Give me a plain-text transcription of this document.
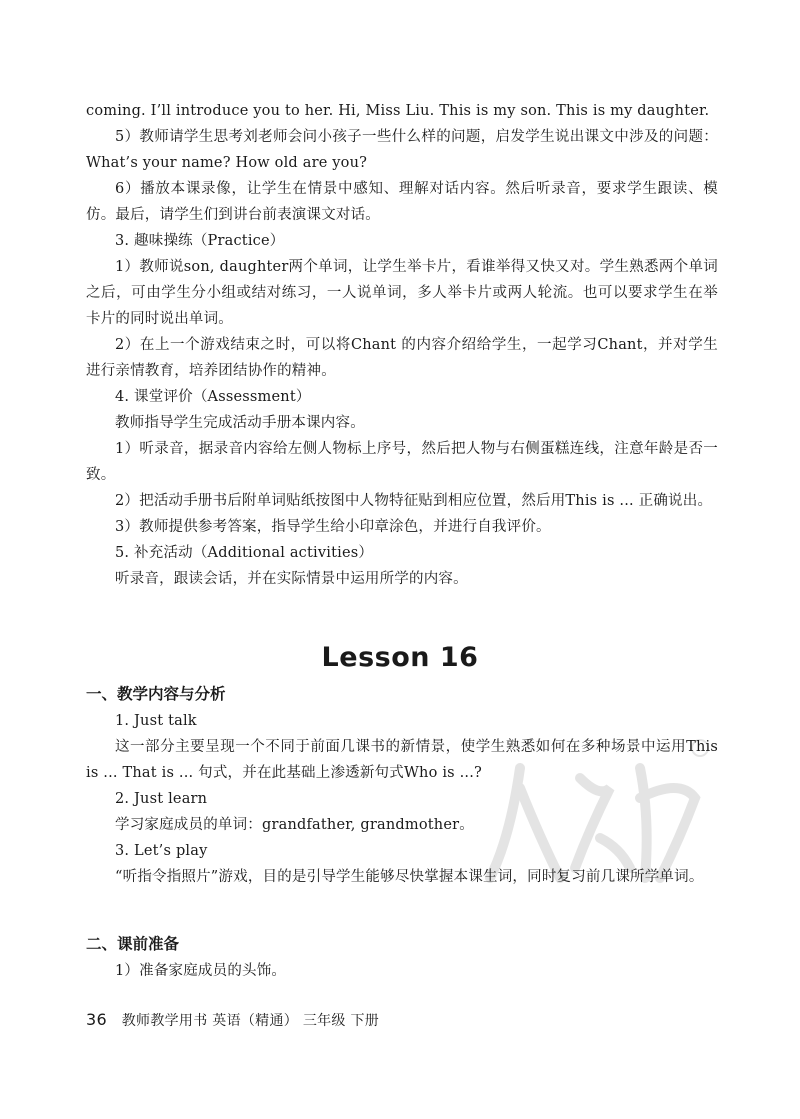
coming. I’ll introduce you to her. Hi, Miss Liu. This is my son. This is my daughter.

5）教师请学生思考刘老师会问小孩子一些什么样的问题，启发学生说出课文中涉及的问题：What’s your name? How old are you?

6）播放本课录像，让学生在情景中感知、理解对话内容。然后听录音，要求学生跟读、模仿。最后，请学生们到讲台前表演课文对话。

3. 趣味操练（Practice）

1）教师说son, daughter两个单词，让学生举卡片，看谁举得又快又对。学生熟悉两个单词之后，可由学生分小组或结对练习，一人说单词，多人举卡片或两人轮流。也可以要求学生在举卡片的同时说出单词。

2）在上一个游戏结束之时，可以将Chant 的内容介绍给学生，一起学习Chant，并对学生进行亲情教育，培养团结协作的精神。

4. 课堂评价（Assessment）

教师指导学生完成活动手册本课内容。

1）听录音，据录音内容给左侧人物标上序号，然后把人物与右侧蛋糕连线，注意年龄是否一致。

2）把活动手册书后附单词贴纸按图中人物特征贴到相应位置，然后用This is ... 正确说出。

3）教师提供参考答案，指导学生给小印章涂色，并进行自我评价。

5. 补充活动（Additional activities）

听录音，跟读会话，并在实际情景中运用所学的内容。

Lesson 16
一、教学内容与分析

1. Just talk

这一部分主要呈现一个不同于前面几课书的新情景，使学生熟悉如何在多种场景中运用This is ... That is ... 句式，并在此基础上渗透新句式Who is ...?

2. Just learn

学习家庭成员的单词：grandfather, grandmother。

3. Let’s play

“听指令指照片”游戏，目的是引导学生能够尽快掌握本课生词，同时复习前几课所学单词。

二、课前准备

1）准备家庭成员的头饰。

36 教师教学用书 英语（精通） 三年级 下册
